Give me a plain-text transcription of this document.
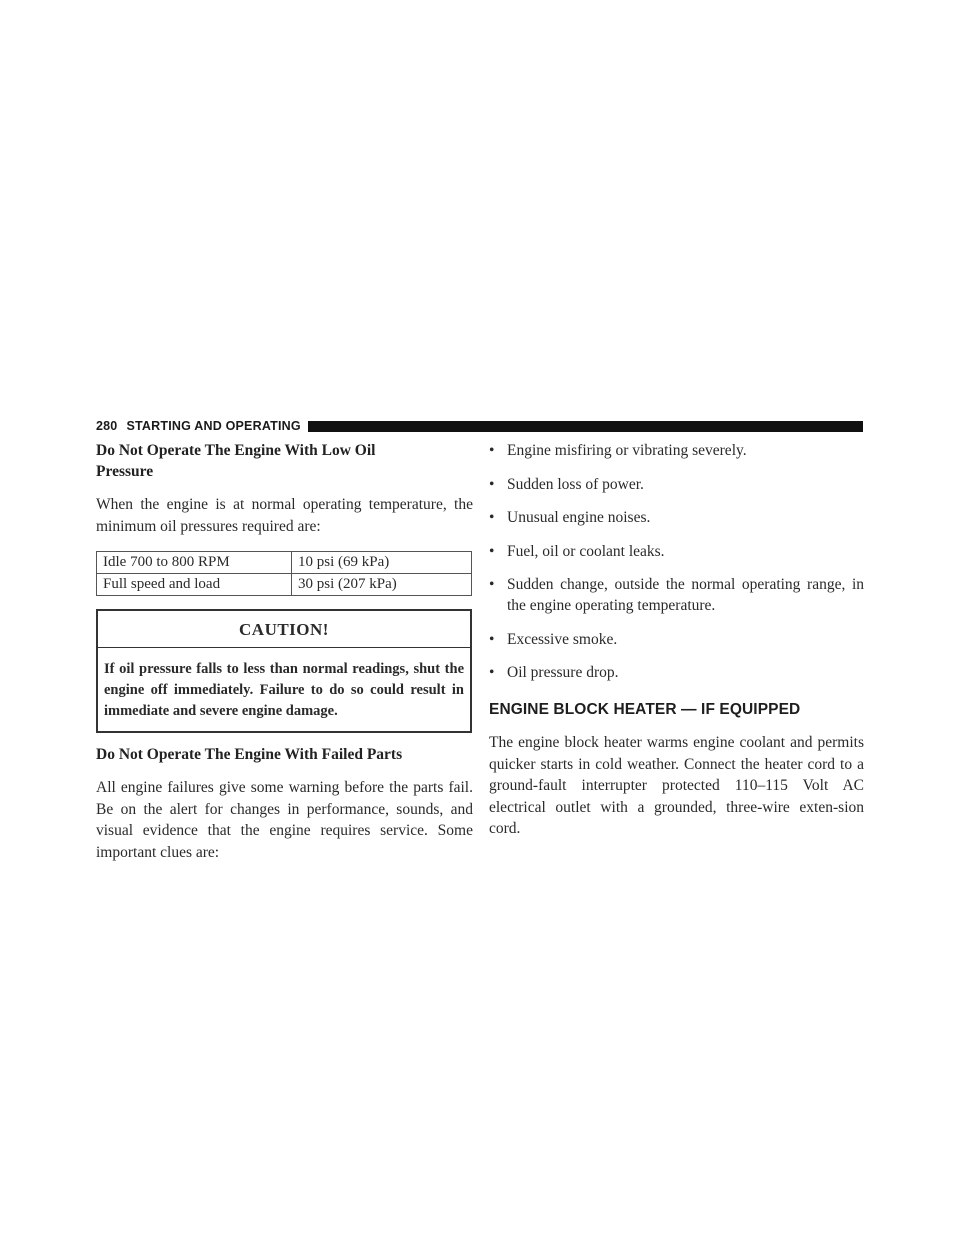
280 STARTING AND OPERATING
Do Not Operate The Engine With Low Oil Pressure

When the engine is at normal operating temperature, the minimum oil pressures required are:

Idle 700 to 800 RPM	10 psi (69 kPa)
Full speed and load	30 psi (207 kPa)
CAUTION!
If oil pressure falls to less than normal readings, shut the engine off immediately. Failure to do so could result in immediate and severe engine damage.
Do Not Operate The Engine With Failed Parts

All engine failures give some warning before the parts fail. Be on the alert for changes in performance, sounds, and visual evidence that the engine requires service. Some important clues are:

• Engine misfiring or vibrating severely.
• Sudden loss of power.
• Unusual engine noises.
• Fuel, oil or coolant leaks.
• Sudden change, outside the normal operating range, in the engine operating temperature.
• Excessive smoke.
• Oil pressure drop.
ENGINE BLOCK HEATER — IF EQUIPPED

The engine block heater warms engine coolant and permits quicker starts in cold weather. Connect the heater cord to a ground-fault interrupter protected 110–115 Volt AC electrical outlet with a grounded, three-wire exten-sion cord.
